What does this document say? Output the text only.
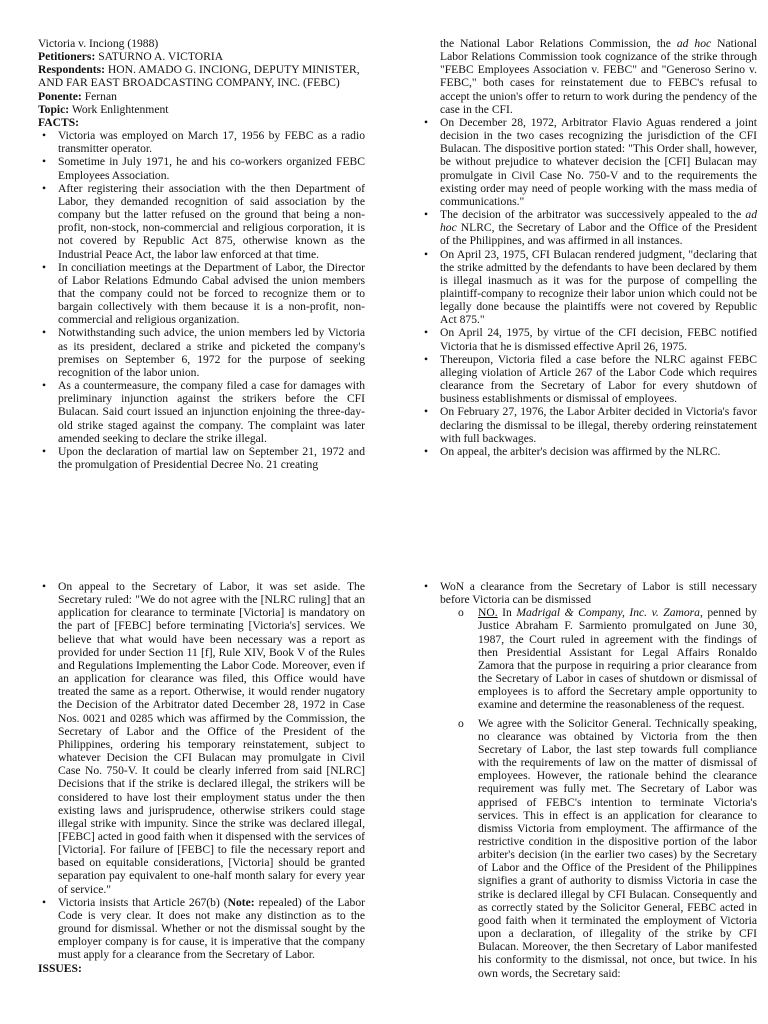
Victoria v. Inciong (1988)

Petitioners: SATURNO A. VICTORIA

Respondents: HON. AMADO G. INCIONG, DEPUTY MINISTER, AND FAR EAST BROADCASTING COMPANY, INC. (FEBC)

Ponente: Fernan

Topic: Work Enlightenment

FACTS:

• Victoria was employed on March 17, 1956 by FEBC as a radio transmitter operator.
• Sometime in July 1971, he and his co-workers organized FEBC Employees Association.
• After registering their association with the then Department of Labor, they demanded recognition of said association by the company but the latter refused on the ground that being a non-profit, non-stock, non-commercial and religious corporation, it is not covered by Republic Act 875, otherwise known as the Industrial Peace Act, the labor law enforced at that time.
• In conciliation meetings at the Department of Labor, the Director of Labor Relations Edmundo Cabal advised the union members that the company could not be forced to recognize them or to bargain collectively with them because it is a non-profit, non-commercial and religious organization.
• Notwithstanding such advice, the union members led by Victoria as its president, declared a strike and picketed the company's premises on September 6, 1972 for the purpose of seeking recognition of the labor union.
• As a countermeasure, the company filed a case for damages with preliminary injunction against the strikers before the CFI Bulacan. Said court issued an injunction enjoining the three-day-old strike staged against the company. The complaint was later amended seeking to declare the strike illegal.
• Upon the declaration of martial law on September 21, 1972 and the promulgation of Presidential Decree No. 21 creating

the National Labor Relations Commission, the ad hoc National Labor Relations Commission took cognizance of the strike through "FEBC Employees Association v. FEBC" and "Generoso Serino v. FEBC," both cases for reinstatement due to FEBC's refusal to accept the union's offer to return to work during the pendency of the case in the CFI.

• On December 28, 1972, Arbitrator Flavio Aguas rendered a joint decision in the two cases recognizing the jurisdiction of the CFI Bulacan. The dispositive portion stated: "This Order shall, however, be without prejudice to whatever decision the [CFI] Bulacan may promulgate in Civil Case No. 750-V and to the requirements the existing order may need of people working with the mass media of communications."
• The decision of the arbitrator was successively appealed to the ad hoc NLRC, the Secretary of Labor and the Office of the President of the Philippines, and was affirmed in all instances.
• On April 23, 1975, CFI Bulacan rendered judgment, "declaring that the strike admitted by the defendants to have been declared by them is illegal inasmuch as it was for the purpose of compelling the plaintiff-company to recognize their labor union which could not be legally done because the plaintiffs were not covered by Republic Act 875."
• On April 24, 1975, by virtue of the CFI decision, FEBC notified Victoria that he is dismissed effective April 26, 1975.
• Thereupon, Victoria filed a case before the NLRC against FEBC alleging violation of Article 267 of the Labor Code which requires clearance from the Secretary of Labor for every shutdown of business establishments or dismissal of employees.
• On February 27, 1976, the Labor Arbiter decided in Victoria's favor declaring the dismissal to be illegal, thereby ordering reinstatement with full backwages.
• On appeal, the arbiter's decision was affirmed by the NLRC.
• On appeal to the Secretary of Labor, it was set aside. The Secretary ruled: "We do not agree with the [NLRC ruling] that an application for clearance to terminate [Victoria] is mandatory on the part of [FEBC] before terminating [Victoria's] services. We believe that what would have been necessary was a report as provided for under Section 11 [f], Rule XIV, Book V of the Rules and Regulations Implementing the Labor Code. Moreover, even if an application for clearance was filed, this Office would have treated the same as a report. Otherwise, it would render nugatory the Decision of the Arbitrator dated December 28, 1972 in Case Nos. 0021 and 0285 which was affirmed by the Commission, the Secretary of Labor and the Office of the President of the Philippines, ordering his temporary reinstatement, subject to whatever Decision the CFI Bulacan may promulgate in Civil Case No. 750-V. It could be clearly inferred from said [NLRC] Decisions that if the strike is declared illegal, the strikers will be considered to have lost their employment status under the then existing laws and jurisprudence, otherwise strikers could stage illegal strike with impunity. Since the strike was declared illegal, [FEBC] acted in good faith when it dispensed with the services of [Victoria]. For failure of [FEBC] to file the necessary report and based on equitable considerations, [Victoria] should be granted separation pay equivalent to one-half month salary for every year of service."
• Victoria insists that Article 267(b) (Note: repealed) of the Labor Code is very clear. It does not make any distinction as to the ground for dismissal. Whether or not the dismissal sought by the employer company is for cause, it is imperative that the company must apply for a clearance from the Secretary of Labor.

ISSUES:

• WoN a clearance from the Secretary of Labor is still necessary before Victoria can be dismissed
o NO. In Madrigal & Company, Inc. v. Zamora, penned by Justice Abraham F. Sarmiento promulgated on June 30, 1987, the Court ruled in agreement with the findings of then Presidential Assistant for Legal Affairs Ronaldo Zamora that the purpose in requiring a prior clearance from the Secretary of Labor in cases of shutdown or dismissal of employees is to afford the Secretary ample opportunity to examine and determine the reasonableness of the request.
o We agree with the Solicitor General. Technically speaking, no clearance was obtained by Victoria from the then Secretary of Labor, the last step towards full compliance with the requirements of law on the matter of dismissal of employees. However, the rationale behind the clearance requirement was fully met. The Secretary of Labor was apprised of FEBC's intention to terminate Victoria's services. This in effect is an application for clearance to dismiss Victoria from employment. The affirmance of the restrictive condition in the dispositive portion of the labor arbiter's decision (in the earlier two cases) by the Secretary of Labor and the Office of the President of the Philippines signifies a grant of authority to dismiss Victoria in case the strike is declared illegal by CFI Bulacan. Consequently and as correctly stated by the Solicitor General, FEBC acted in good faith when it terminated the employment of Victoria upon a declaration, of illegality of the strike by CFI Bulacan. Moreover, the then Secretary of Labor manifested his conformity to the dismissal, not once, but twice. In his own words, the Secretary said:
